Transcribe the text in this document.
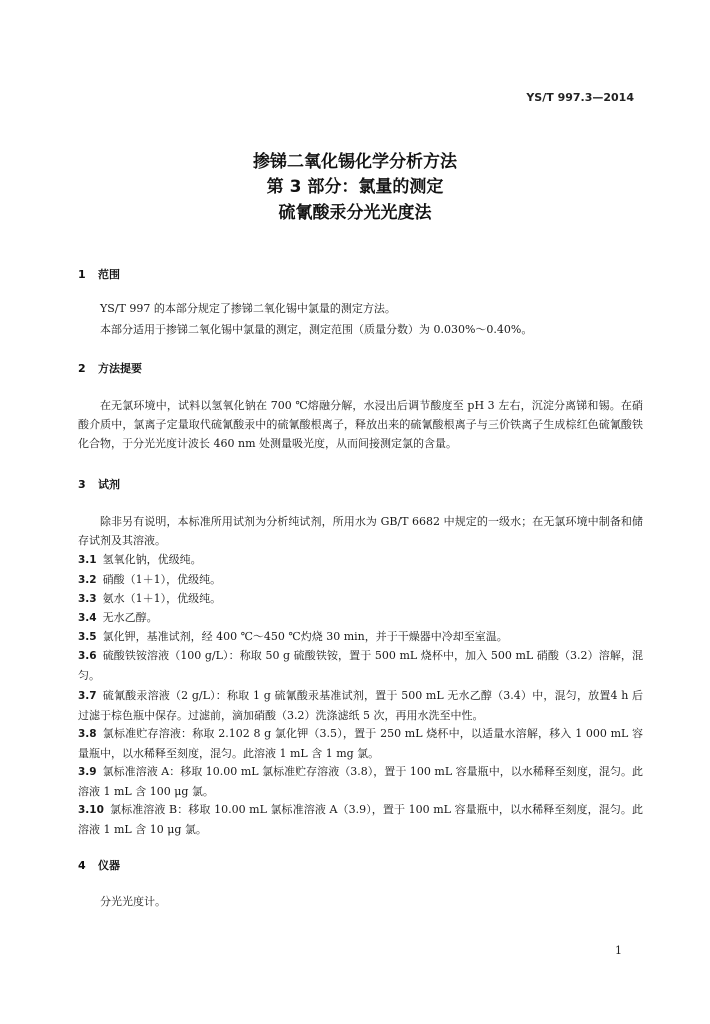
YS/T 997.3—2014
掺锑二氧化锡化学分析方法
第 3 部分：氯量的测定
硫氰酸汞分光光度法
1 范围
YS/T 997 的本部分规定了掺锑二氧化锡中氯量的测定方法。
本部分适用于掺锑二氧化锡中氯量的测定，测定范围（质量分数）为 0.030%～0.40%。
2 方法提要
在无氯环境中，试料以氢氧化钠在 700 ℃熔融分解，水浸出后调节酸度至 pH 3 左右，沉淀分离锑和锡。在硝酸介质中，氯离子定量取代硫氰酸汞中的硫氰酸根离子，释放出来的硫氰酸根离子与三价铁离子生成棕红色硫氰酸铁化合物，于分光光度计波长 460 nm 处测量吸光度，从而间接测定氯的含量。
3 试剂
除非另有说明，本标准所用试剂为分析纯试剂，所用水为 GB/T 6682 中规定的一级水；在无氯环境中制备和储存试剂及其溶液。
3.1 氢氧化钠，优级纯。
3.2 硝酸（1＋1），优级纯。
3.3 氨水（1＋1），优级纯。
3.4 无水乙醇。
3.5 氯化钾，基准试剂，经 400 ℃～450 ℃灼烧 30 min，并于干燥器中冷却至室温。
3.6 硫酸铁铵溶液（100 g/L）：称取 50 g 硫酸铁铵，置于 500 mL 烧杯中，加入 500 mL 硝酸（3.2）溶解，混匀。
3.7 硫氰酸汞溶液（2 g/L）：称取 1 g 硫氰酸汞基准试剂，置于 500 mL 无水乙醇（3.4）中，混匀，放置4 h 后过滤于棕色瓶中保存。过滤前，滴加硝酸（3.2）洗涤滤纸 5 次，再用水洗至中性。
3.8 氯标准贮存溶液：称取 2.102 8 g 氯化钾（3.5），置于 250 mL 烧杯中，以适量水溶解，移入 1 000 mL 容量瓶中，以水稀释至刻度，混匀。此溶液 1 mL 含 1 mg 氯。
3.9 氯标准溶液 A：移取 10.00 mL 氯标准贮存溶液（3.8），置于 100 mL 容量瓶中，以水稀释至刻度，混匀。此溶液 1 mL 含 100 μg 氯。
3.10 氯标准溶液 B：移取 10.00 mL 氯标准溶液 A（3.9），置于 100 mL 容量瓶中，以水稀释至刻度，混匀。此溶液 1 mL 含 10 μg 氯。
4 仪器
分光光度计。
1
